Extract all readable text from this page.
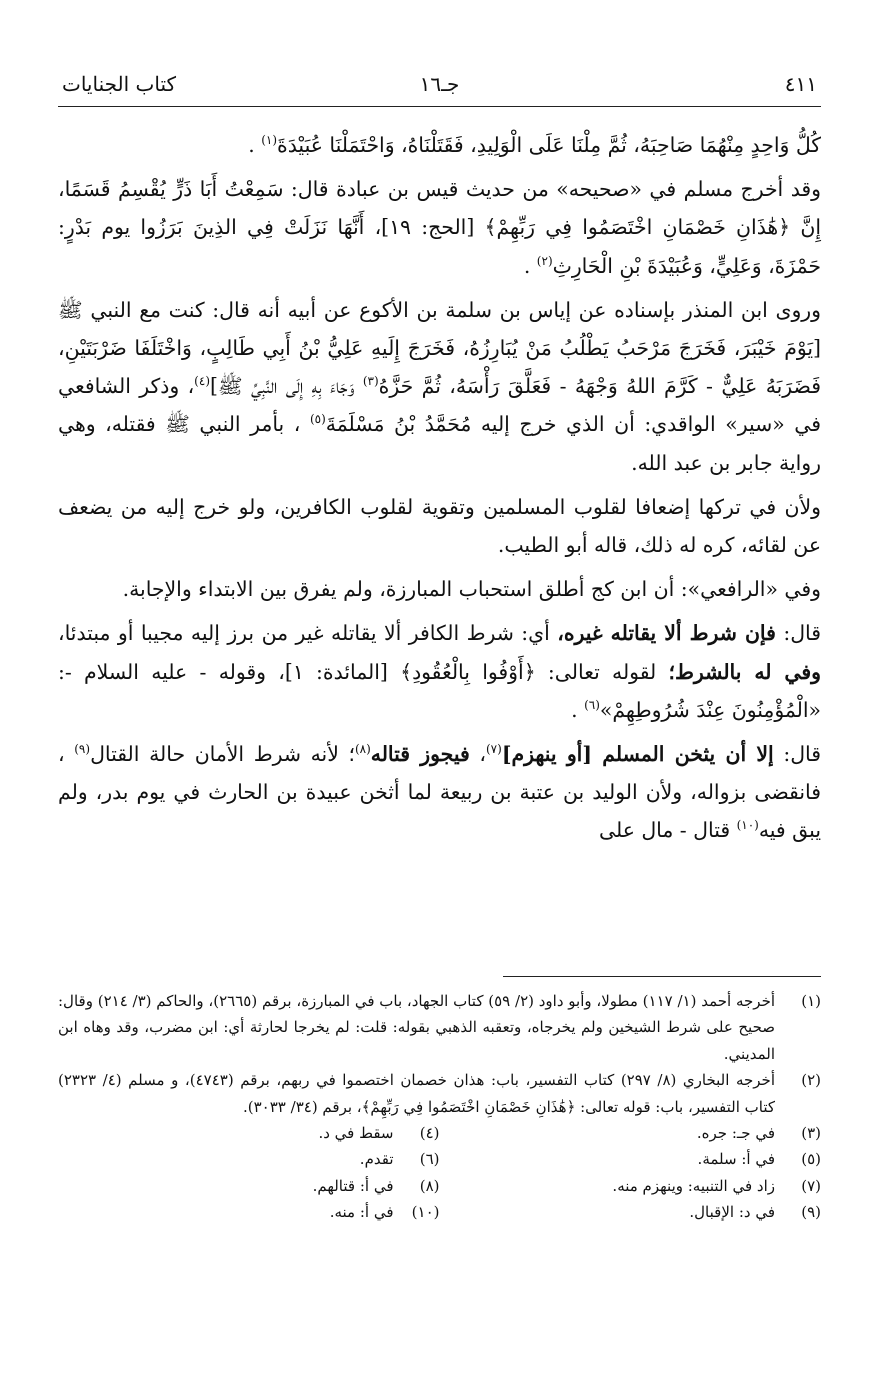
٤١١
جـ١٦
كتاب الجنايات

كُلُّ وَاحِدٍ مِنْهُمَا صَاحِبَهُ، ثُمَّ مِلْنَا عَلَى الْوَلِيدِ، فَقَتَلْنَاهُ، وَاحْتَمَلْنَا عُبَيْدَةَ$^{(١)}$ .

وقد أخرج مسلم في «صحيحه» من حديث قيس بن عبادة قال: سَمِعْتُ أَبَا ذَرٍّ يُقْسِمُ قَسَمًا، إِنَّ ﴿هَٰذَانِ خَصْمَانِ اخْتَصَمُوا فِي رَبِّهِمْ﴾ [الحج: ١٩]، أَنَّهَا نَزَلَتْ فِي الذِينَ بَرَزُوا يوم بَدْرٍ: حَمْزَةَ، وَعَلِيٍّ، وَعُبَيْدَةَ بْنِ الْحَارِثِ$^{(٢)}$ .

وروى ابن المنذر بإسناده عن إياس بن سلمة بن الأكوع عن أبيه أنه قال: كنت مع النبي ﷺ [يَوْمَ خَيْبَرَ، فَخَرَجَ مَرْحَبُ يَطْلُبُ مَنْ يُبَارِزُهُ، فَخَرَجَ إِلَيهِ عَلِيُّ بْنُ أَبِي طَالِبٍ، وَاخْتَلَفَا ضَرْبَتَيْنِ، فَضَرَبَهُ عَلِيٌّ - كَرَّمَ اللهُ وَجْهَهُ - فَعَلَّقَ رَأْسَهُ، ثُمَّ حَزَّهُ$^{(٣)}$ وَجَاءَ بِهِ إِلَى النَّبِيِّ ﷺ]$^{(٤)}$، وذكر الشافعي في «سير» الواقدي: أن الذي خرج إليه مُحَمَّدُ بْنُ مَسْلَمَةَ$^{(٥)}$ ، بأمر النبي ﷺ فقتله، وهي رواية جابر بن عبد الله.

ولأن في تركها إضعافا لقلوب المسلمين وتقوية لقلوب الكافرين، ولو خرج إليه من يضعف عن لقائه، كره له ذلك، قاله أبو الطيب.

وفي «الرافعي»: أن ابن كج أطلق استحباب المبارزة، ولم يفرق بين الابتداء والإجابة.

قال: فإن شرط ألا يقاتله غيره، أي: شرط الكافر ألا يقاتله غير من برز إليه مجيبا أو مبتدئا، وفي له بالشرط؛ لقوله تعالى: ﴿أَوْفُوا بِالْعُقُودِ﴾ [المائدة: ١]، وقوله - عليه السلام -: «الْمُؤْمِنُونَ عِنْدَ شُرُوطِهِمْ»$^{(٦)}$ .

قال: إلا أن يثخن المسلم [أو ينهزم]$^{(٧)}$، فيجوز قتاله$^{(٨)}$؛ لأنه شرط الأمان حالة القتال$^{(٩)}$ ، فانقضى بزواله، ولأن الوليد بن عتبة بن ربيعة لما أثخن عبيدة بن الحارث في يوم بدر، ولم يبق فيه$^{(١٠)}$ قتال - مال على

(١)
أخرجه أحمد (١/ ١١٧) مطولا، وأبو داود (٢/ ٥٩) كتاب الجهاد، باب في المبارزة، برقم (٢٦٦٥)، والحاكم (٣/ ٢١٤) وقال: صحيح على شرط الشيخين ولم يخرجاه، وتعقبه الذهبي بقوله: قلت: لم يخرجا لحارثة أي: ابن مضرب، وقد وهاه ابن المديني.
(٢)
أخرجه البخاري (٨/ ٢٩٧) كتاب التفسير، باب: هذان خصمان اختصموا في ربهم، برقم (٤٧٤٣)، و مسلم (٤/ ٢٣٢٣) كتاب التفسير، باب: قوله تعالى: ﴿هَٰذَانِ خَصْمَانِ اخْتَصَمُوا فِي رَبِّهِمْ﴾، برقم (٣٤/ ٣٠٣٣).
(٣)
في جـ: جره.
(٤)
سقط في د.
(٥)
في أ: سلمة.
(٦)
تقدم.
(٧)
زاد في التنبيه: وينهزم منه.
(٨)
في أ: قتالهم.
(٩)
في د: الإقبال.
(١٠)
في أ: منه.
